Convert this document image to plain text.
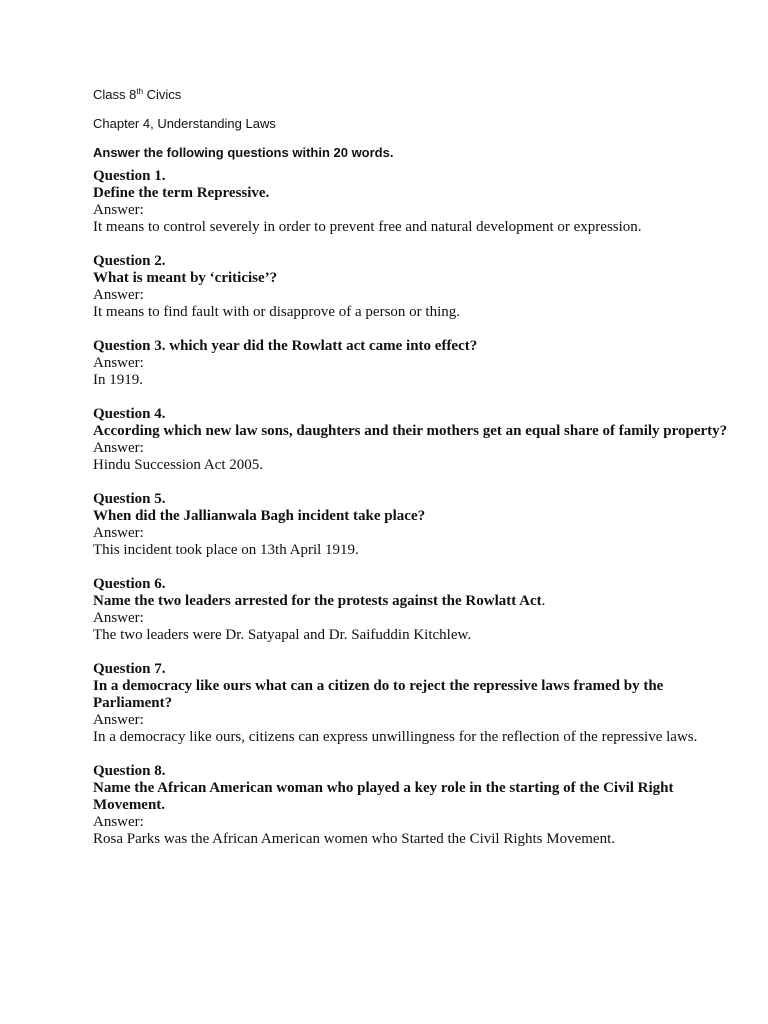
Class 8th Civics
Chapter 4, Understanding Laws
Answer the following questions within 20 words.
Question 1.
Define the term Repressive.
Answer:
It means to control severely in order to prevent free and natural development or expression.
Question 2.
What is meant by ‘criticise’?
Answer:
It means to find fault with or disapprove of a person or thing.
Question 3. which year did the Rowlatt act came into effect?
Answer:
In 1919.
Question 4.
According which new law sons, daughters and their mothers get an equal share of family property?
Answer:
Hindu Succession Act 2005.
Question 5.
When did the Jallianwala Bagh incident take place?
Answer:
This incident took place on 13th April 1919.
Question 6.
Name the two leaders arrested for the protests against the Rowlatt Act.
Answer:
The two leaders were Dr. Satyapal and Dr. Saifuddin Kitchlew.
Question 7.
In a democracy like ours what can a citizen do to reject the repressive laws framed by the Parliament?
Answer:
In a democracy like ours, citizens can express unwillingness for the reflection of the repressive laws.
Question 8.
Name the African American woman who played a key role in the starting of the Civil Right Movement.
Answer:
Rosa Parks was the African American women who Started the Civil Rights Movement.
